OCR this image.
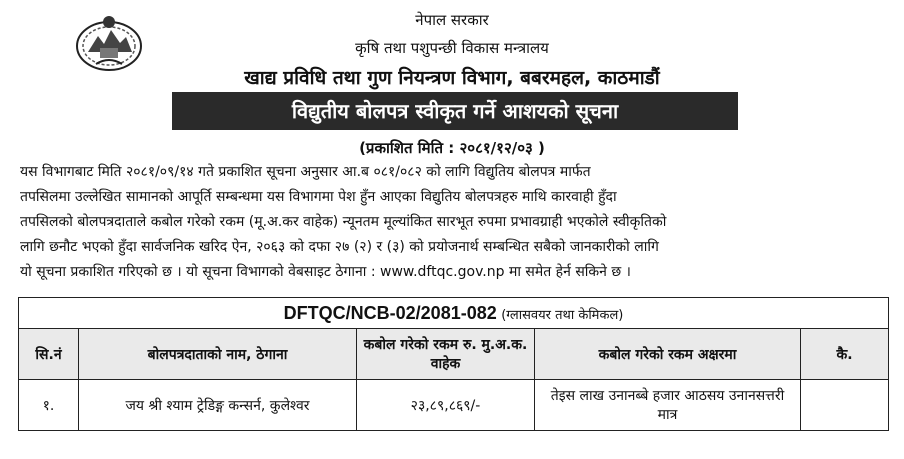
नेपाल सरकार
कृषि तथा पशुपन्छी विकास मन्त्रालय
खाद्य प्रविधि तथा गुण नियन्त्रण विभाग, बबरमहल, काठमाडौं
विद्युतीय बोलपत्र स्वीकृत गर्ने आशयको सूचना
(प्रकाशित मिति : २०८१/१२/०३ )
यस विभागबाट मिति २०८१/०९/१४ गते प्रकाशित सूचना अनुसार आ.ब ०८१/०८२ को लागि विद्युतिय बोलपत्र मार्फत
तपसिलमा उल्लेखित सामानको आपूर्ति सम्बन्धमा यस विभागमा पेश हुँन आएका विद्युतिय बोलपत्रहरु माथि कारवाही हुँदा
तपसिलको बोलपत्रदाताले कबोल गरेको रकम (मू.अ.कर वाहेक) न्यूनतम मूल्यांकित सारभूत रुपमा प्रभावग्राही भएकोले स्वीकृतिको
लागि छनौट भएको हुँदा सार्वजनिक खरिद ऐन, २०६३ को दफा २७ (२) र (३) को प्रयोजनार्थ सम्बन्धित सबैको जानकारीको लागि
यो सूचना प्रकाशित गरिएको छ । यो सूचना विभागको वेबसाइट ठेगाना : www.dftqc.gov.np मा समेत हेर्न सकिने छ ।
DFTQC/NCB-02/2081-082 (ग्लासवयर तथा केमिकल)				
सि.नं	बोलपत्रदाताको नाम, ठेगाना	कबोल गरेको रकम रु. मु.अ.क. वाहेक	कबोल गरेको रकम अक्षरमा	कै.
१.	जय श्री श्याम ट्रेडिङ्ग कन्सर्न, कुलेश्वर	२३,८९,८६९/-	तेइस लाख उनानब्बे हजार आठसय उनानसत्तरी मात्र	
